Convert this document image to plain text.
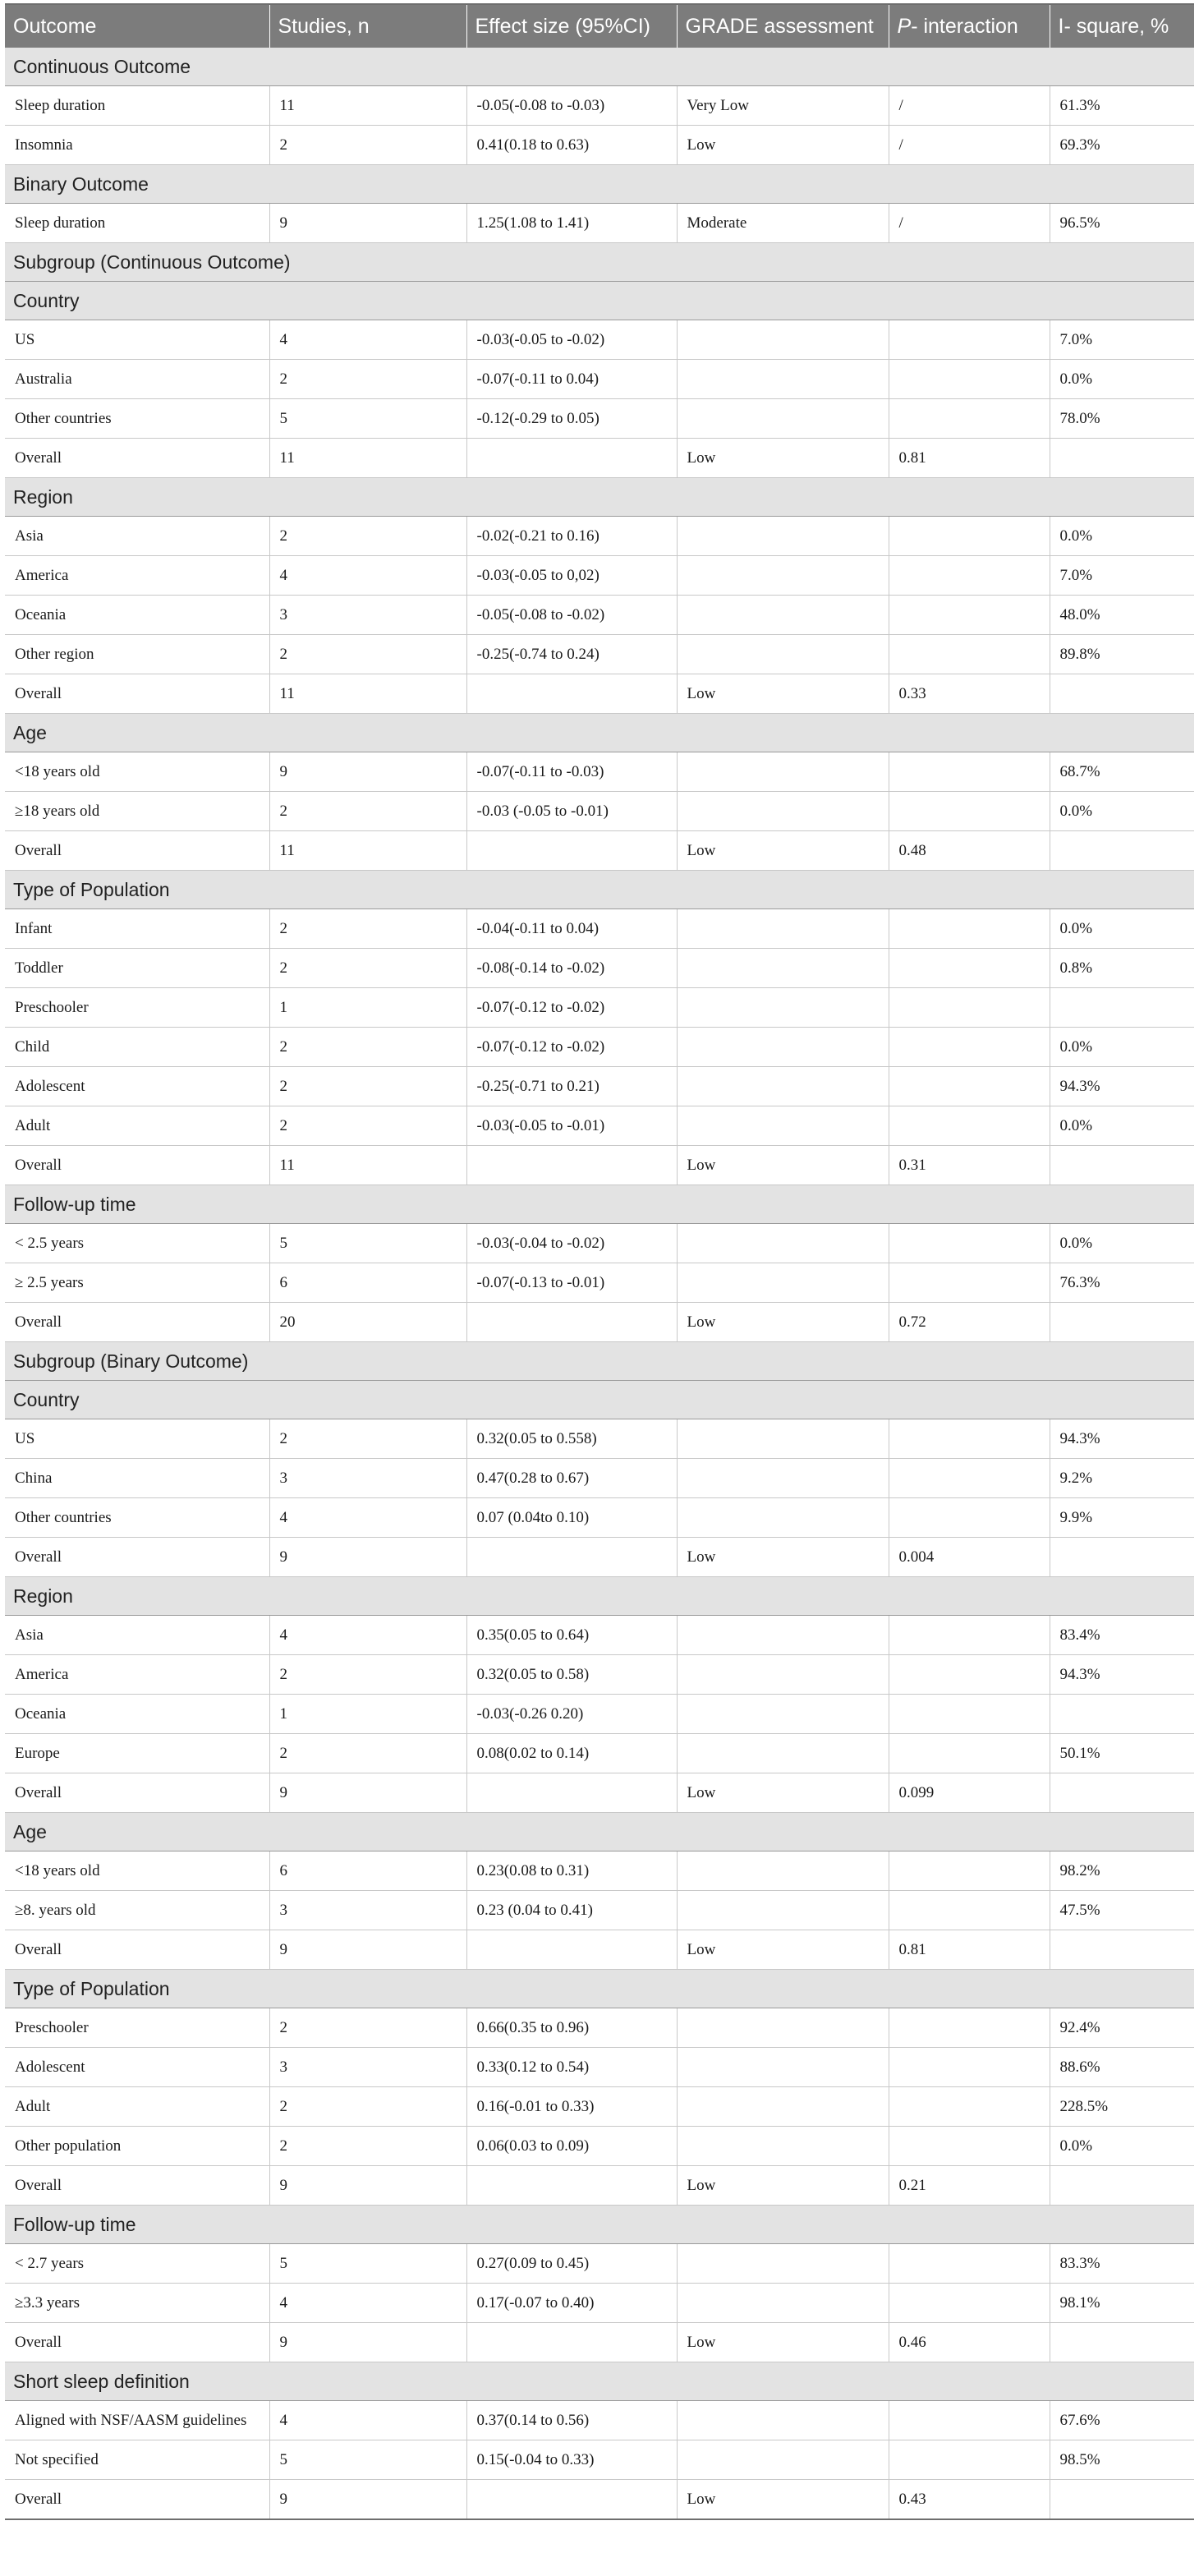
Outcome	Studies, n	Effect size (95%CI)	GRADE assessment	P- interaction	I- square, %
Continuous Outcome					
Sleep duration	11	-0.05(-0.08 to -0.03)	Very Low	/	61.3%
Insomnia	2	0.41(0.18 to 0.63)	Low	/	69.3%
Binary Outcome					
Sleep duration	9	1.25(1.08 to 1.41)	Moderate	/	96.5%
Subgroup (Continuous Outcome)					
Country					
US	4	-0.03(-0.05 to -0.02)			7.0%
Australia	2	-0.07(-0.11 to 0.04)			0.0%
Other countries	5	-0.12(-0.29 to 0.05)			78.0%
Overall	11		Low	0.81	
Region					
Asia	2	-0.02(-0.21 to 0.16)			0.0%
America	4	-0.03(-0.05 to 0,02)			7.0%
Oceania	3	-0.05(-0.08 to -0.02)			48.0%
Other region	2	-0.25(-0.74 to 0.24)			89.8%
Overall	11		Low	0.33	
Age					
<18 years old	9	-0.07(-0.11 to -0.03)			68.7%
≥18 years old	2	-0.03 (-0.05 to -0.01)			0.0%
Overall	11		Low	0.48	
Type of Population					
Infant	2	-0.04(-0.11 to 0.04)			0.0%
Toddler	2	-0.08(-0.14 to -0.02)			0.8%
Preschooler	1	-0.07(-0.12 to -0.02)			
Child	2	-0.07(-0.12 to -0.02)			0.0%
Adolescent	2	-0.25(-0.71 to 0.21)			94.3%
Adult	2	-0.03(-0.05 to -0.01)			0.0%
Overall	11		Low	0.31	
Follow-up time					
< 2.5 years	5	-0.03(-0.04 to -0.02)			0.0%
≥ 2.5 years	6	-0.07(-0.13 to -0.01)			76.3%
Overall	20		Low	0.72	
Subgroup (Binary Outcome)					
Country					
US	2	0.32(0.05 to 0.558)			94.3%
China	3	0.47(0.28 to 0.67)			9.2%
Other countries	4	0.07 (0.04to 0.10)			9.9%
Overall	9		Low	0.004	
Region					
Asia	4	0.35(0.05 to 0.64)			83.4%
America	2	0.32(0.05 to 0.58)			94.3%
Oceania	1	-0.03(-0.26 0.20)			
Europe	2	0.08(0.02 to 0.14)			50.1%
Overall	9		Low	0.099	
Age					
<18 years old	6	0.23(0.08 to 0.31)			98.2%
≥8. years old	3	0.23 (0.04 to 0.41)			47.5%
Overall	9		Low	0.81	
Type of Population					
Preschooler	2	0.66(0.35 to 0.96)			92.4%
Adolescent	3	0.33(0.12 to 0.54)			88.6%
Adult	2	0.16(-0.01 to 0.33)			228.5%
Other population	2	0.06(0.03 to 0.09)			0.0%
Overall	9		Low	0.21	
Follow-up time					
< 2.7 years	5	0.27(0.09 to 0.45)			83.3%
≥3.3 years	4	0.17(-0.07 to 0.40)			98.1%
Overall	9		Low	0.46	
Short sleep definition					
Aligned with NSF/AASM guidelines	4	0.37(0.14 to 0.56)			67.6%
Not specified	5	0.15(-0.04 to 0.33)			98.5%
Overall	9		Low	0.43	
